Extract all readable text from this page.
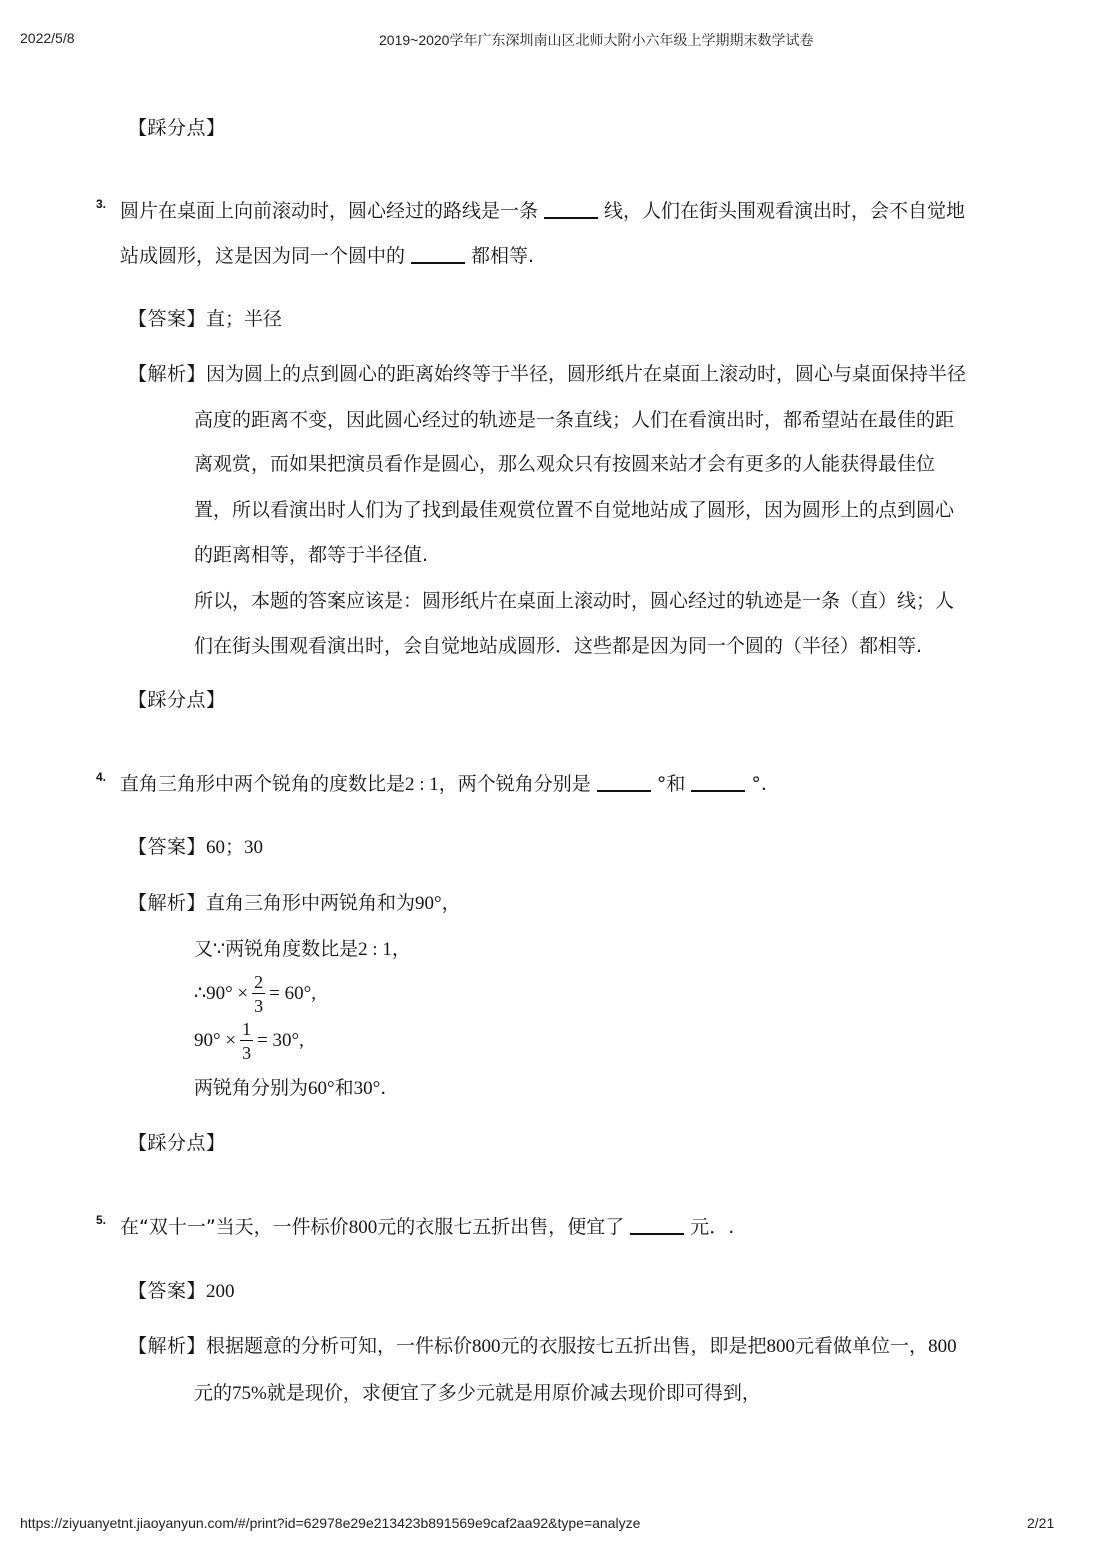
2022/5/8	2019~2020学年广东深圳南山区北师大附小六年级上学期期末数学试卷
【踩分点】
3. 圆片在桌面上向前滚动时，圆心经过的路线是一条	线，人们在街头围观看演出时，会不自觉地
站成圆形，这是因为同一个圆中的	都相等.
【答案】直；半径
【解析】因为圆上的点到圆心的距离始终等于半径，圆形纸片在桌面上滚动时，圆心与桌面保持半径
高度的距离不变，因此圆心经过的轨迹是一条直线；人们在看演出时，都希望站在最佳的距
离观赏，而如果把演员看作是圆心，那么观众只有按圆来站才会有更多的人能获得最佳位
置，所以看演出时人们为了找到最佳观赏位置不自觉地站成了圆形，因为圆形上的点到圆心
的距离相等，都等于半径值.
所以，本题的答案应该是：圆形纸片在桌面上滚动时，圆心经过的轨迹是一条（直）线；人
们在街头围观看演出时，会自觉地站成圆形．这些都是因为同一个圆的（半径）都相等.
【踩分点】
4. 直角三角形中两个锐角的度数比是2 : 1，两个锐角分别是	°和	°.
【答案】60；30
【解析】直角三角形中两锐角和为90°，
又∵两锐角度数比是2 : 1，
∴90° × $\frac{2}{3} = 60^\circ$,
$90^\circ \times \frac{1}{3} = 30^\circ$,
两锐角分别为60°和30°.
【踩分点】
5. 在“双十一”当天，一件标价800元的衣服七五折出售，便宜了	元．.
【答案】200
【解析】根据题意的分析可知，一件标价800元的衣服按七五折出售，即是把800元看做单位一，800
元的75%就是现价，求便宜了多少元就是用原价减去现价即可得到，
https://ziyuanyetnt.jiaoyanyun.com/#/print?id=62978e29e213423b891569e9caf2aa92&type=analyze	2/21
